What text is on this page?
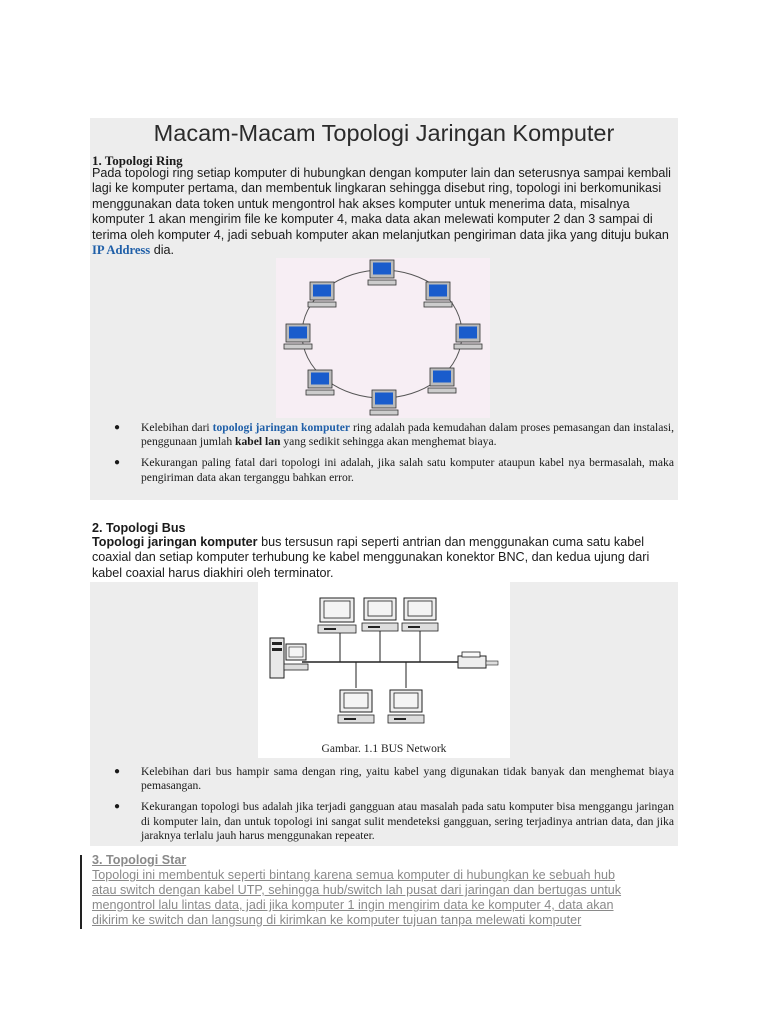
Macam-Macam Topologi Jaringan Komputer
1. Topologi Ring
Pada topologi ring setiap komputer di hubungkan dengan komputer lain dan seterusnya sampai kembali lagi ke komputer pertama, dan membentuk lingkaran sehingga disebut ring, topologi ini berkomunikasi menggunakan data token untuk mengontrol hak akses komputer untuk menerima data, misalnya komputer 1 akan mengirim file ke komputer 4, maka data akan melewati komputer 2 dan 3 sampai di terima oleh komputer 4, jadi sebuah komputer akan melanjutkan pengiriman data jika yang dituju bukan IP Address dia.
● Kelebihan dari topologi jaringan komputer ring adalah pada kemudahan dalam proses pemasangan dan instalasi, penggunaan jumlah kabel lan yang sedikit sehingga akan menghemat biaya.
● Kekurangan paling fatal dari topologi ini adalah, jika salah satu komputer ataupun kabel nya bermasalah, maka pengiriman data akan terganggu bahkan error.
2. Topologi Bus
Topologi jaringan komputer bus tersusun rapi seperti antrian dan menggunakan cuma satu kabel coaxial dan setiap komputer terhubung ke kabel menggunakan konektor BNC, dan kedua ujung dari kabel coaxial harus diakhiri oleh terminator.
Gambar. 1.1 BUS Network
● Kelebihan dari bus hampir sama dengan ring, yaitu kabel yang digunakan tidak banyak dan menghemat biaya pemasangan.
● Kekurangan topologi bus adalah jika terjadi gangguan atau masalah pada satu komputer bisa menggangu jaringan di komputer lain, dan untuk topologi ini sangat sulit mendeteksi gangguan, sering terjadinya antrian data, dan jika jaraknya terlalu jauh harus menggunakan repeater.
3. Topologi Star
Topologi ini membentuk seperti bintang karena semua komputer di hubungkan ke sebuah hub
atau switch dengan kabel UTP, sehingga hub/switch lah pusat dari jaringan dan bertugas untuk
mengontrol lalu lintas data, jadi jika komputer 1 ingin mengirim data ke komputer 4, data akan
dikirim ke switch dan langsung di kirimkan ke komputer tujuan tanpa melewati komputer
